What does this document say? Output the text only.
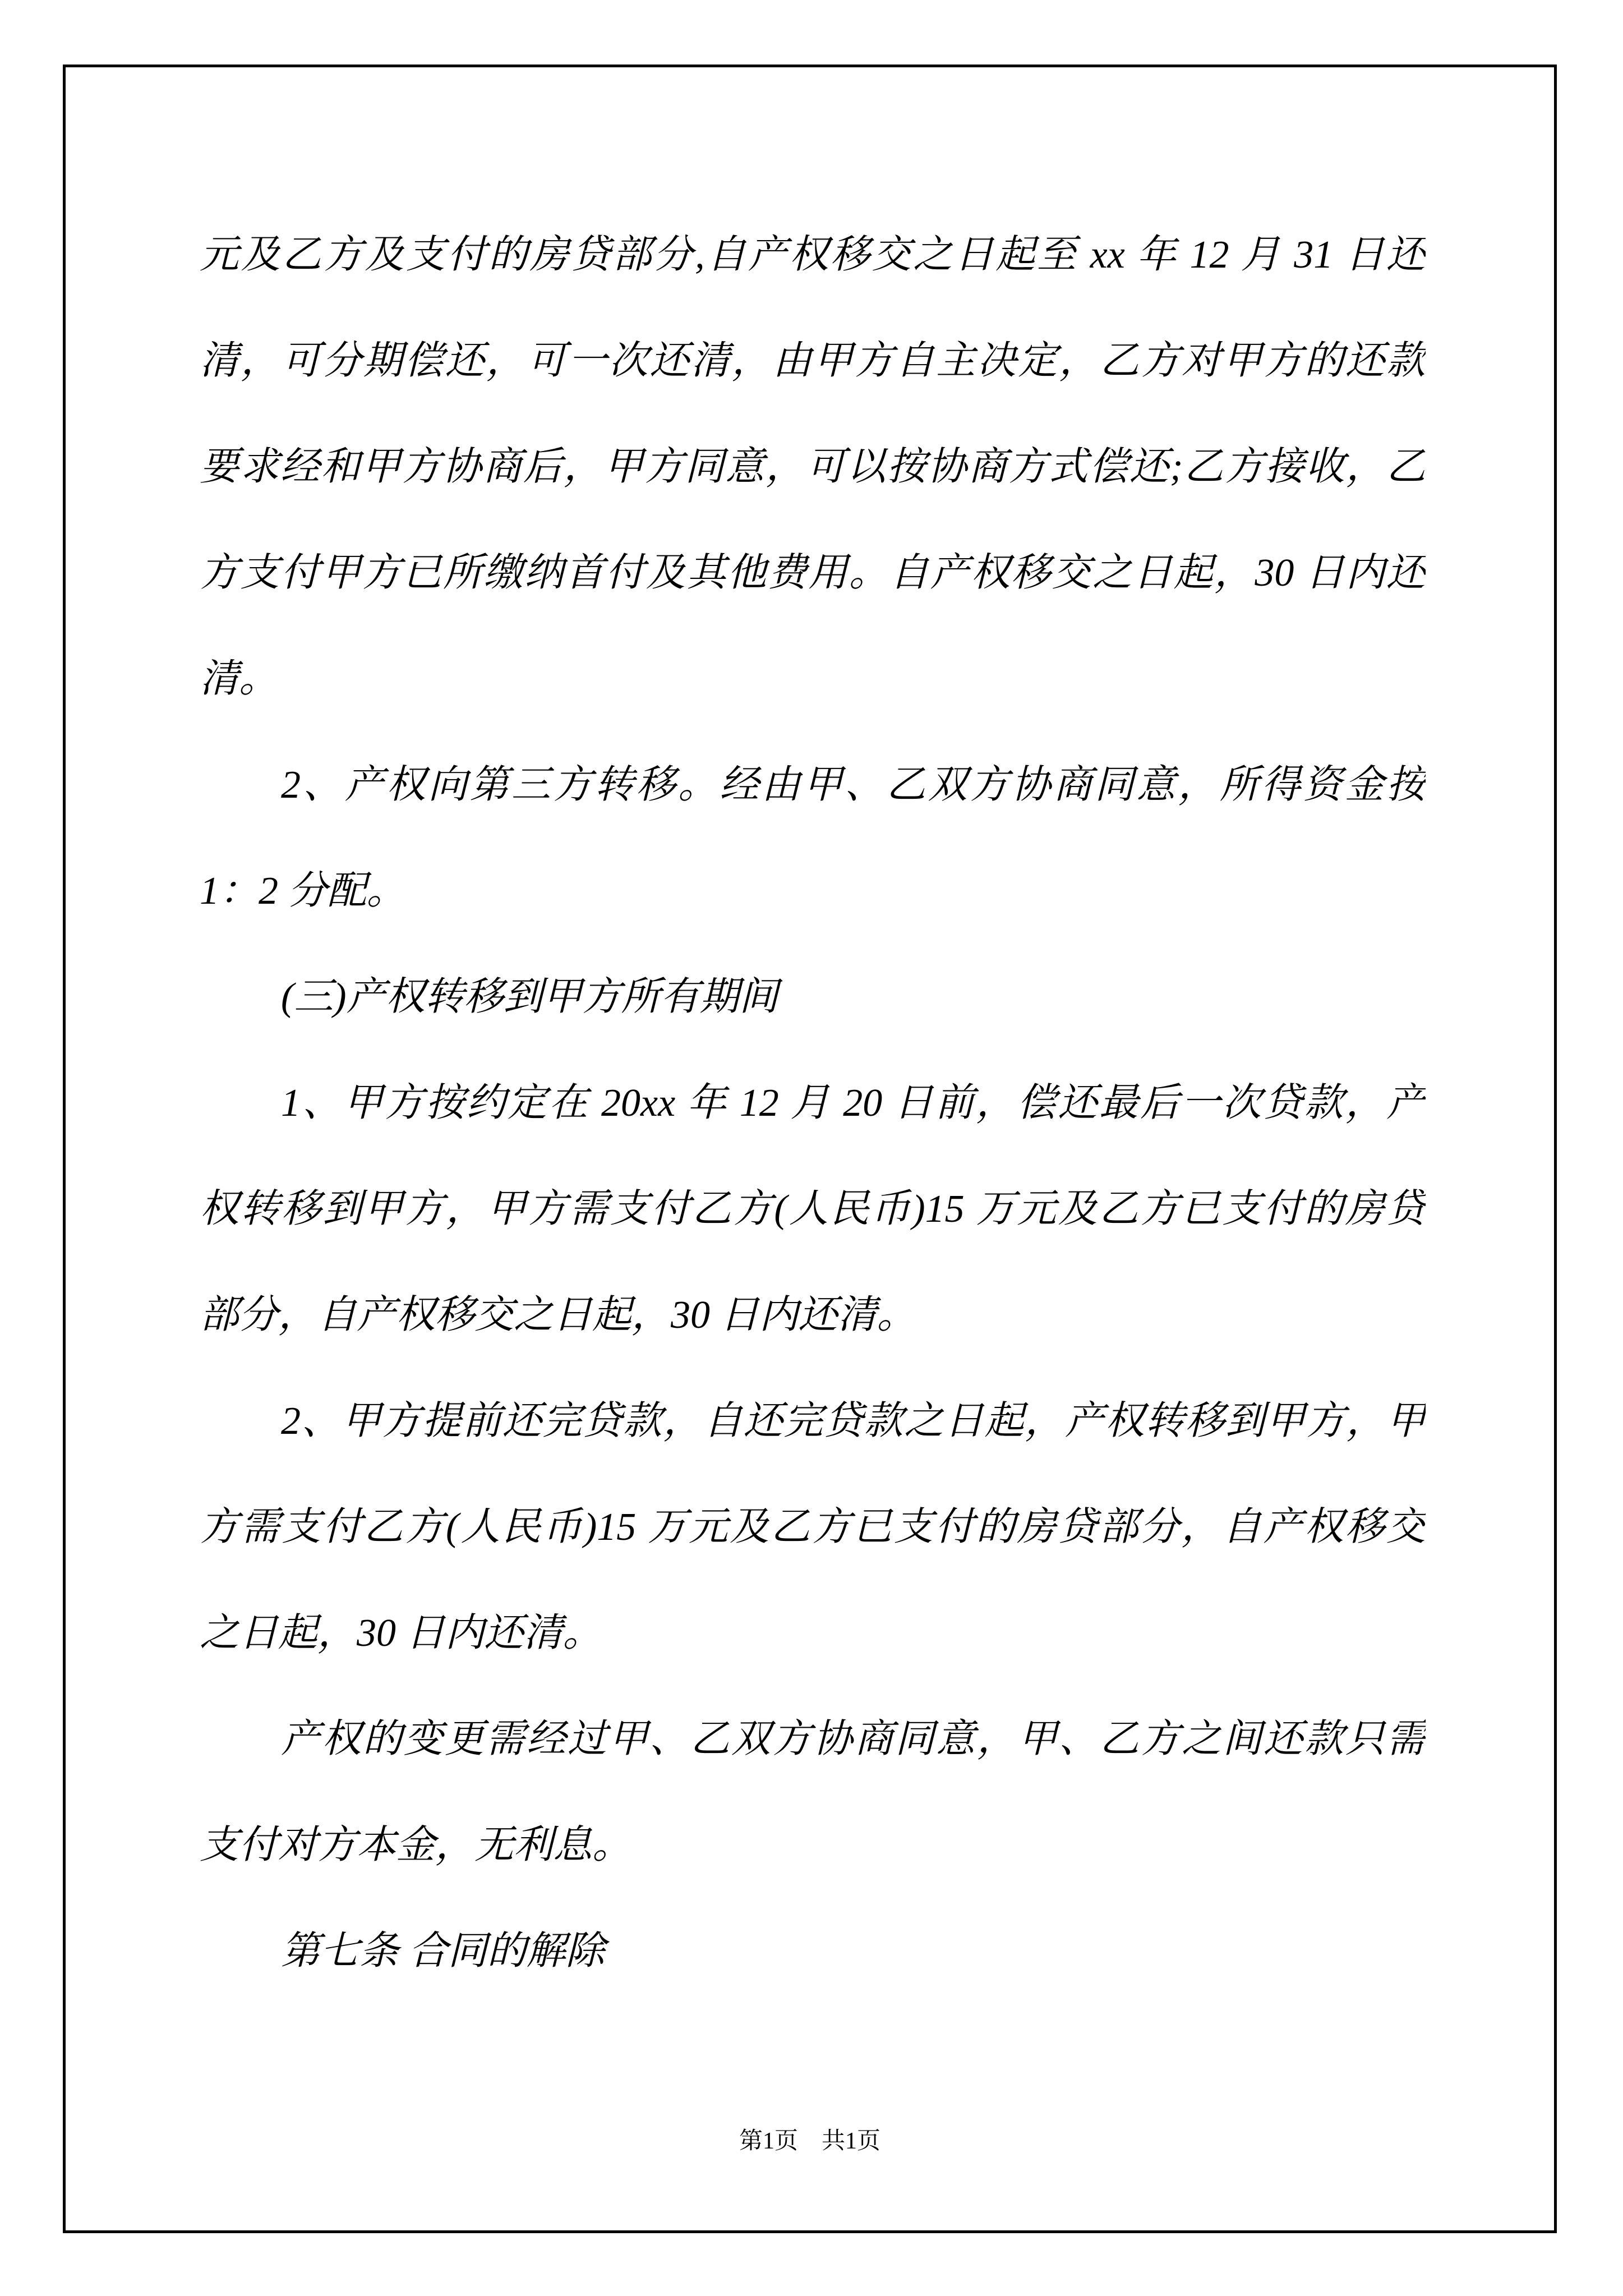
元及乙方及支付的房贷部分,自产权移交之日起至 xx 年 12 月 31 日还
清，可分期偿还，可一次还清，由甲方自主决定，乙方对甲方的还款
要求经和甲方协商后，甲方同意，可以按协商方式偿还;乙方接收，乙
方支付甲方已所缴纳首付及其他费用。自产权移交之日起，30 日内还
清。
2、产权向第三方转移。经由甲、乙双方协商同意，所得资金按
1：2 分配。
(三)产权转移到甲方所有期间
1、甲方按约定在 20xx 年 12 月 20 日前，偿还最后一次贷款，产
权转移到甲方，甲方需支付乙方(人民币)15 万元及乙方已支付的房贷
部分，自产权移交之日起，30 日内还清。
2、甲方提前还完贷款，自还完贷款之日起，产权转移到甲方，甲
方需支付乙方(人民币)15 万元及乙方已支付的房贷部分，自产权移交
之日起，30 日内还清。
产权的变更需经过甲、乙双方协商同意，甲、乙方之间还款只需
支付对方本金，无利息。
第七条 合同的解除
第1页 共1页
